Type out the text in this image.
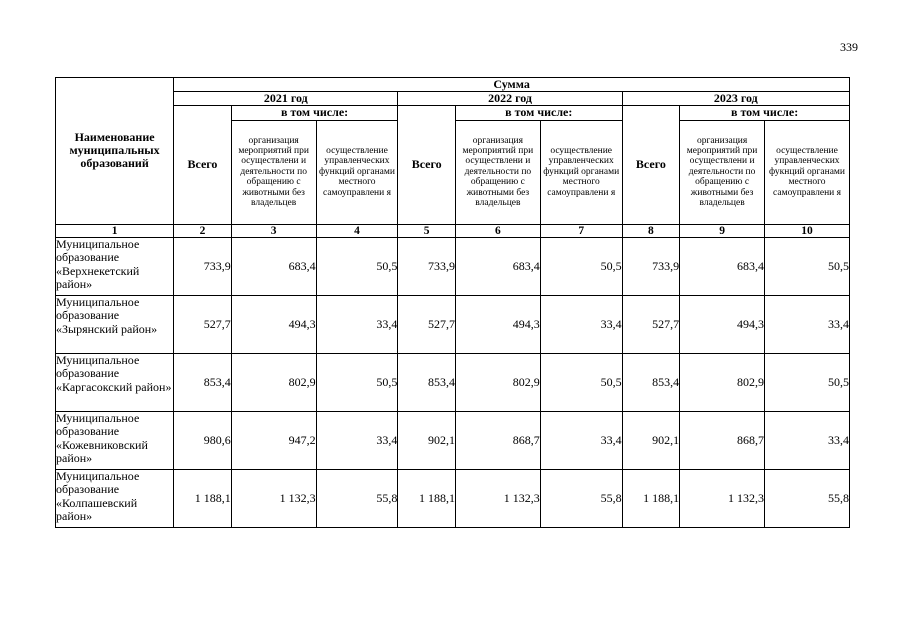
339
Наименование муниципальных образований	Сумма								
	2021 год			2022 год			2023 год		
	Всего	в том числе:		Всего	в том числе:		Всего	в том числе:	
		организация мероприятий при осуществлени и деятельности по обращению с животными без владельцев	осуществление управленческих функций органами местного самоуправлени я		организация мероприятий при осуществлени и деятельности по обращению с животными без владельцев	осуществление управленческих функций органами местного самоуправлени я		организация мероприятий при осуществлени и деятельности по обращению с животными без владельцев	осуществление управленческих фукнций органами местного самоуправлени я
1	2	3	4	5	6	7	8	9	10
Муниципальное образование «Верхнекетский район»	733,9	683,4	50,5	733,9	683,4	50,5	733,9	683,4	50,5
Муниципальное образование «Зырянский район»	527,7	494,3	33,4	527,7	494,3	33,4	527,7	494,3	33,4
Муниципальное образование «Каргасокский район»	853,4	802,9	50,5	853,4	802,9	50,5	853,4	802,9	50,5
Муниципальное образование «Кожевниковский район»	980,6	947,2	33,4	902,1	868,7	33,4	902,1	868,7	33,4
Муниципальное образование «Колпашевский район»	1 188,1	1 132,3	55,8	1 188,1	1 132,3	55,8	1 188,1	1 132,3	55,8
